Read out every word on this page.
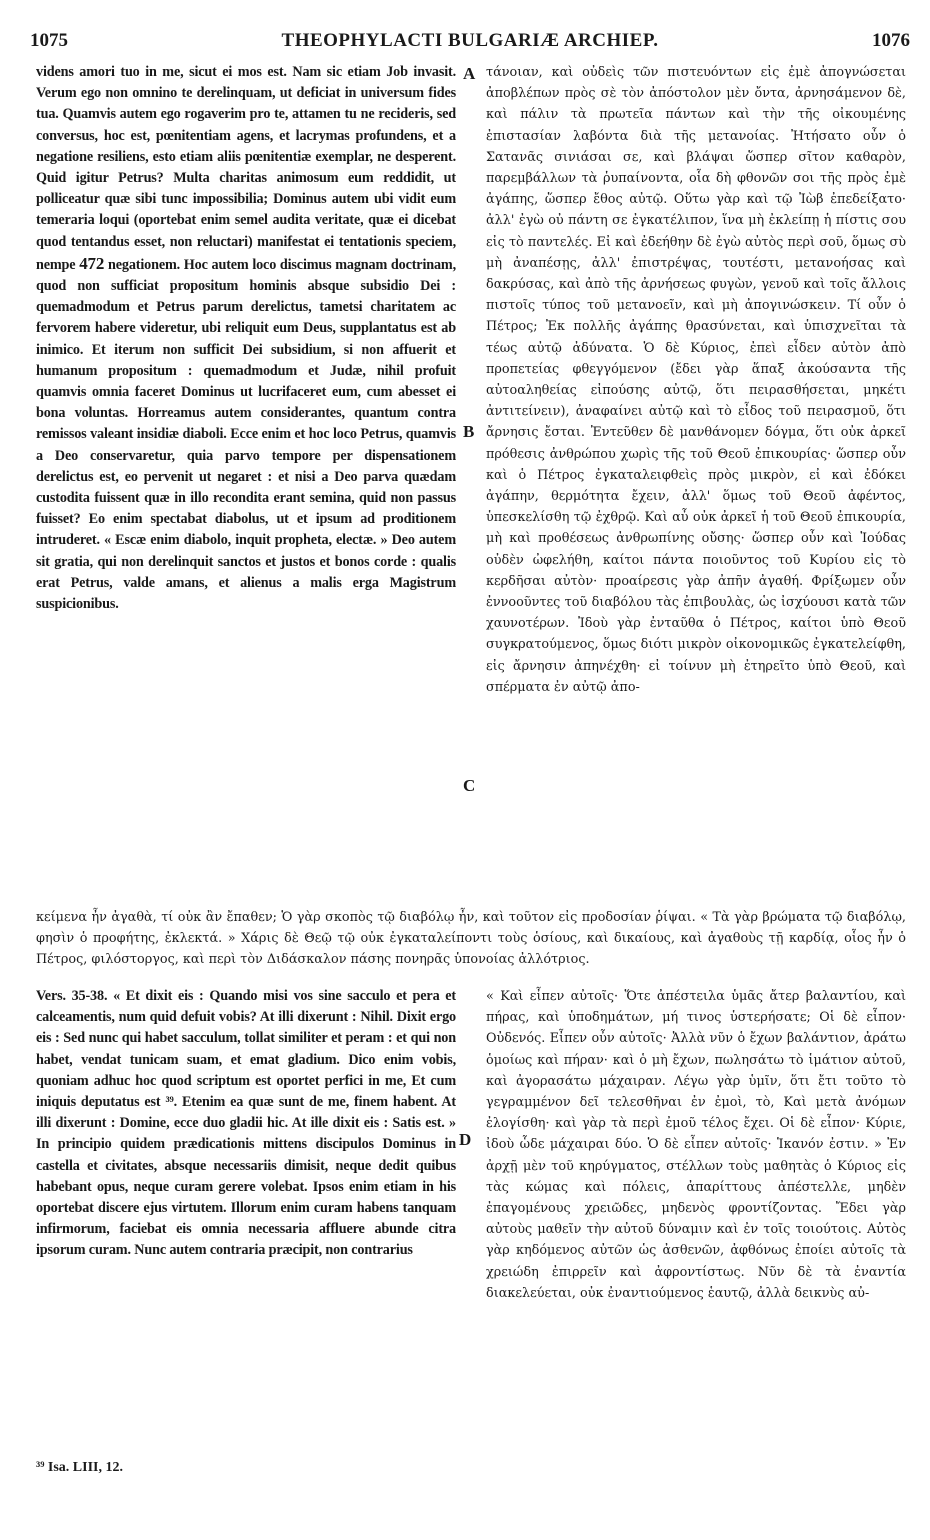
1075	THEOPHYLACTI BULGARIÆ ARCHIEP.	1076

videns amori tuo in me, sicut ei mos est. Nam sic etiam Job invasit. Verum ego non omnino te derelinquam, ut deficiat in universum fides tua. Quamvis autem ego rogaverim pro te, attamen tu ne recideris, sed conversus, hoc est, pœnitentiam agens, et lacrymas profundens, et a negatione resiliens, esto etiam aliis pœnitentiæ exemplar, ne desperent. Quid igitur Petrus? Multa charitas animosum eum reddidit, ut polliceatur quæ sibi tunc impossibilia; Dominus autem ubi vidit eum temeraria loqui (oportebat enim semel audita veritate, quæ ei dicebat quod tentandus esset, non reluctari) manifestat ei tentationis speciem, nempe 472 negationem. Hoc autem loco discimus magnam doctrinam, quod non sufficiat propositum hominis absque subsidio Dei : quemadmodum et Petrus parum derelictus, tametsi charitatem ac fervorem habere videretur, ubi reliquit eum Deus, supplantatus est ab inimico. Et iterum non sufficit Dei subsidium, si non affuerit et humanum propositum : quemadmodum et Judæ, nihil profuit quamvis omnia faceret Dominus ut lucrifaceret eum, cum abesset ei bona voluntas. Horreamus autem considerantes, quantum contra remissos valeant insidiæ diaboli. Ecce enim et hoc loco Petrus, quamvis a Deo conservaretur, quia parvo tempore per dispensationem derelictus est, eo pervenit ut negaret : et nisi a Deo parva quædam custodita fuissent quæ in illo recondita erant semina, quid non passus fuisset? Eo enim spectabat diabolus, ut et ipsum ad proditionem intruderet. « Escæ enim diabolo, inquit propheta, electæ. » Deo autem sit gratia, qui non derelinquit sanctos et justos et bonos corde : qualis erat Petrus, valde amans, et alienus a malis erga Magistrum suspicionibus.

τάνοιαν, καὶ οὐδεὶς τῶν πιστευόντων εἰς ἐμὲ ἀπογνώσεται ἀποβλέπων πρὸς σὲ τὸν ἀπόστολον μὲν ὄντα, ἀρνησάμενον δὲ, καὶ πάλιν τὰ πρωτεῖα πάντων καὶ τὴν τῆς οἰκουμένης ἐπιστασίαν λαβόντα διὰ τῆς μετανοίας. Ἠτήσατο οὖν ὁ Σατανᾶς σινιάσαι σε, καὶ βλάψαι ὥσπερ σῖτον καθαρὸν, παρεμβάλλων τὰ ῥυπαίνοντα, οἷα δὴ φθονῶν σοι τῆς πρὸς ἐμὲ ἀγάπης, ὥσπερ ἔθος αὐτῷ. Οὕτω γὰρ καὶ τῷ Ἰὼβ ἐπεδείξατο· ἀλλ' ἐγὼ οὐ πάντη σε ἐγκατέλιπον, ἵνα μὴ ἐκλείπῃ ἡ πίστις σου εἰς τὸ παντελές. Εἰ καὶ ἐδεήθην δὲ ἐγὼ αὐτὸς περὶ σοῦ, ὅμως σὺ μὴ ἀναπέσῃς, ἀλλ' ἐπιστρέψας, τουτέστι, μετανοήσας καὶ δακρύσας, καὶ ἀπὸ τῆς ἀρνήσεως φυγὼν, γενοῦ καὶ τοῖς ἄλλοις πιστοῖς τύπος τοῦ μετανοεῖν, καὶ μὴ ἀπογινώσκειν. Τί οὖν ὁ Πέτρος; Ἐκ πολλῆς ἀγάπης θρασύνεται, καὶ ὑπισχνεῖται τὰ τέως αὐτῷ ἀδύνατα. Ὁ δὲ Κύριος, ἐπεὶ εἶδεν αὐτὸν ἀπὸ προπετείας φθεγγόμενον (ἔδει γὰρ ἅπαξ ἀκούσαντα τῆς αὐτοαληθείας εἰπούσης αὐτῷ, ὅτι πειρασθήσεται, μηκέτι ἀντιτείνειν), ἀναφαίνει αὐτῷ καὶ τὸ εἶδος τοῦ πειρασμοῦ, ὅτι ἄρνησις ἔσται. Ἐντεῦθεν δὲ μανθάνομεν δόγμα, ὅτι οὐκ ἀρκεῖ πρόθεσις ἀνθρώπου χωρὶς τῆς τοῦ Θεοῦ ἐπικουρίας· ὥσπερ οὖν καὶ ὁ Πέτρος ἐγκαταλειφθεὶς πρὸς μικρὸν, εἰ καὶ ἐδόκει ἀγάπην, θερμότητα ἔχειν, ἀλλ' ὅμως τοῦ Θεοῦ ἀφέντος, ὑπεσκελίσθη τῷ ἐχθρῷ. Καὶ αὖ οὐκ ἀρκεῖ ἡ τοῦ Θεοῦ ἐπικουρία, μὴ καὶ προθέσεως ἀνθρωπίνης οὔσης· ὥσπερ οὖν καὶ Ἰούδας οὐδὲν ὠφελήθη, καίτοι πάντα ποιοῦντος τοῦ Κυρίου εἰς τὸ κερδῆσαι αὐτὸν· προαίρεσις γὰρ ἀπῆν ἀγαθή. Φρίξωμεν οὖν ἐννοοῦντες τοῦ διαβόλου τὰς ἐπιβουλὰς, ὡς ἰσχύουσι κατὰ τῶν χαυνοτέρων. Ἰδοὺ γὰρ ἐνταῦθα ὁ Πέτρος, καίτοι ὑπὸ Θεοῦ συγκρατούμενος, ὅμως διότι μικρὸν οἰκονομικῶς ἐγκατελείφθη, εἰς ἄρνησιν ἀπηνέχθη· εἰ τοίνυν μὴ ἐτηρεῖτο ὑπὸ Θεοῦ, καὶ σπέρματα ἐν αὐτῷ ἀπο-

A
B
C
D

κείμενα ἦν ἀγαθὰ, τί οὐκ ἂν ἔπαθεν; Ὁ γὰρ σκοπὸς τῷ διαβόλῳ ἦν, καὶ τοῦτον εἰς προδοσίαν ῥίψαι. « Τὰ γὰρ βρώματα τῷ διαβόλῳ, φησὶν ὁ προφήτης, ἐκλεκτά. » Χάρις δὲ Θεῷ τῷ οὐκ ἐγκαταλείποντι τοὺς ὁσίους, καὶ δικαίους, καὶ ἀγαθοὺς τῇ καρδίᾳ, οἷος ἦν ὁ Πέτρος, φιλόστοργος, καὶ περὶ τὸν Διδάσκαλον πάσης πονηρᾶς ὑπονοίας ἀλλότριος.

Vers. 35-38. « Et dixit eis : Quando misi vos sine sacculo et pera et calceamentis, num quid defuit vobis? At illi dixerunt : Nihil. Dixit ergo eis : Sed nunc qui habet sacculum, tollat similiter et peram : et qui non habet, vendat tunicam suam, et emat gladium. Dico enim vobis, quoniam adhuc hoc quod scriptum est oportet perfici in me, Et cum iniquis deputatus est ³⁹. Etenim ea quæ sunt de me, finem habent. At illi dixerunt : Domine, ecce duo gladii hic. At ille dixit eis : Satis est. » In principio quidem prædicationis mittens discipulos Dominus in castella et civitates, absque necessariis dimisit, neque dedit quibus habebant opus, neque curam gerere volebat. Ipsos enim etiam in his oportebat discere ejus virtutem. Illorum enim curam habens tanquam infirmorum, faciebat eis omnia necessaria affluere abunde citra ipsorum curam. Nunc autem contraria præcipit, non contrarius

« Καὶ εἶπεν αὐτοῖς· Ὅτε ἀπέστειλα ὑμᾶς ἄτερ βαλαντίου, καὶ πήρας, καὶ ὑποδημάτων, μή τινος ὑστερήσατε; Οἱ δὲ εἶπον· Οὐδενός. Εἶπεν οὖν αὐτοῖς· Ἀλλὰ νῦν ὁ ἔχων βαλάντιον, ἀράτω ὁμοίως καὶ πήραν· καὶ ὁ μὴ ἔχων, πωλησάτω τὸ ἱμάτιον αὐτοῦ, καὶ ἀγορασάτω μάχαιραν. Λέγω γὰρ ὑμῖν, ὅτι ἔτι τοῦτο τὸ γεγραμμένον δεῖ τελεσθῆναι ἐν ἐμοὶ, τὸ, Καὶ μετὰ ἀνόμων ἐλογίσθη· καὶ γὰρ τὰ περὶ ἐμοῦ τέλος ἔχει. Οἱ δὲ εἶπον· Κύριε, ἰδοὺ ὧδε μάχαιραι δύο. Ὁ δὲ εἶπεν αὐτοῖς· Ἱκανόν ἐστιν. » Ἐν ἀρχῇ μὲν τοῦ κηρύγματος, στέλλων τοὺς μαθητὰς ὁ Κύριος εἰς τὰς κώμας καὶ πόλεις, ἀπαρίττους ἀπέστελλε, μηδὲν ἐπαγομένους χρειῶδες, μηδενὸς φροντίζοντας. Ἔδει γὰρ αὐτοὺς μαθεῖν τὴν αὐτοῦ δύναμιν καὶ ἐν τοῖς τοιούτοις. Αὐτὸς γὰρ κηδόμενος αὐτῶν ὡς ἀσθενῶν, ἀφθόνως ἐποίει αὐτοῖς τὰ χρειώδη ἐπιρρεῖν καὶ ἀφροντίστως. Νῦν δὲ τὰ ἐναντία διακελεύεται, οὐκ ἐναντιούμενος ἑαυτῷ, ἀλλὰ δεικνὺς αὐ-

³⁹ Isa. LIII, 12.
